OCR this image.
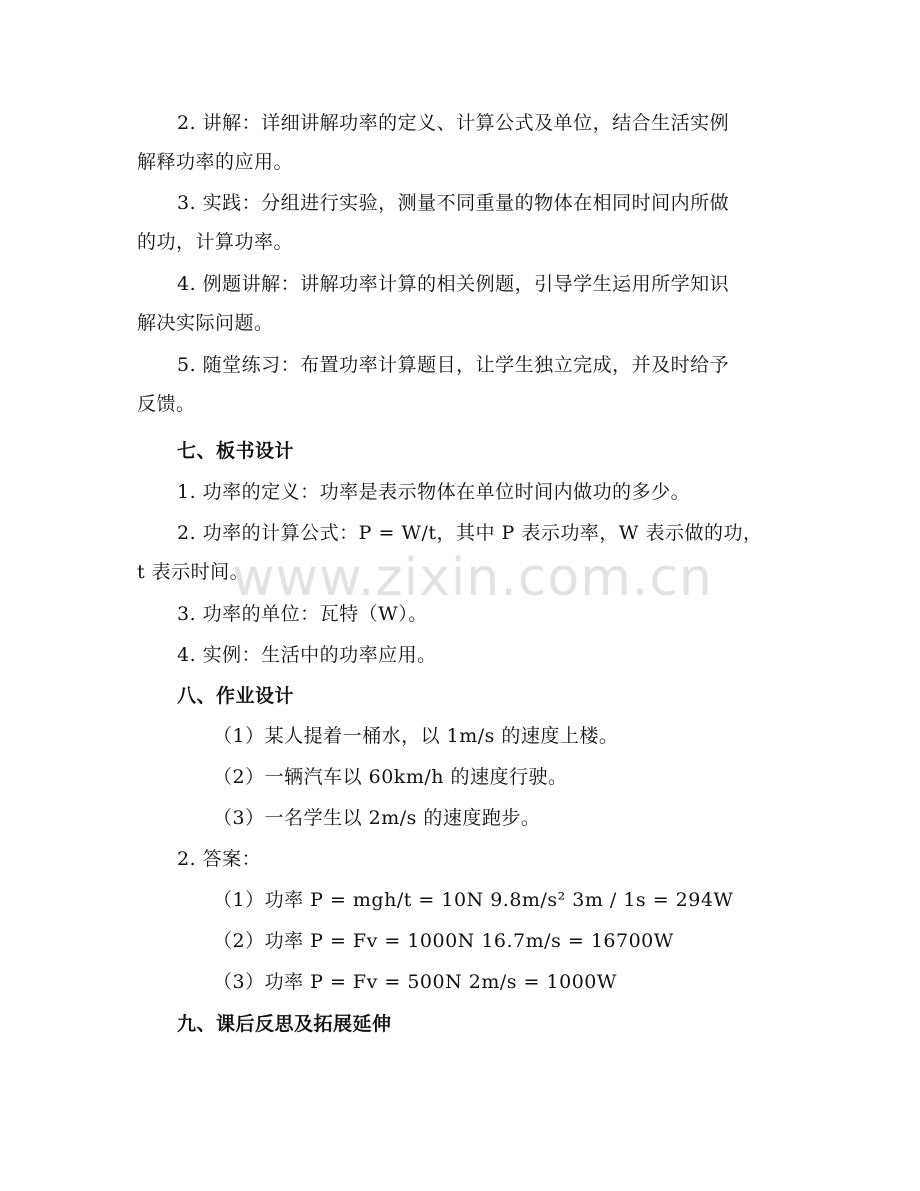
www.zixin.com.cn
2. 讲解：详细讲解功率的定义、计算公式及单位，结合生活实例
解释功率的应用。
3. 实践：分组进行实验，测量不同重量的物体在相同时间内所做
的功，计算功率。
4. 例题讲解：讲解功率计算的相关例题，引导学生运用所学知识
解决实际问题。
5. 随堂练习：布置功率计算题目，让学生独立完成，并及时给予
反馈。
七、板书设计
1. 功率的定义：功率是表示物体在单位时间内做功的多少。
2. 功率的计算公式：P = W/t，其中 P 表示功率，W 表示做的功，
t 表示时间。
3. 功率的单位：瓦特（W）。
4. 实例：生活中的功率应用。
八、作业设计
（1）某人提着一桶水，以 1m/s 的速度上楼。
（2）一辆汽车以 60km/h 的速度行驶。
（3）一名学生以 2m/s 的速度跑步。
2. 答案：
（1）功率 P = mgh/t = 10N 9.8m/s² 3m / 1s = 294W
（2）功率 P = Fv = 1000N 16.7m/s = 16700W
（3）功率 P = Fv = 500N 2m/s = 1000W
九、课后反思及拓展延伸
